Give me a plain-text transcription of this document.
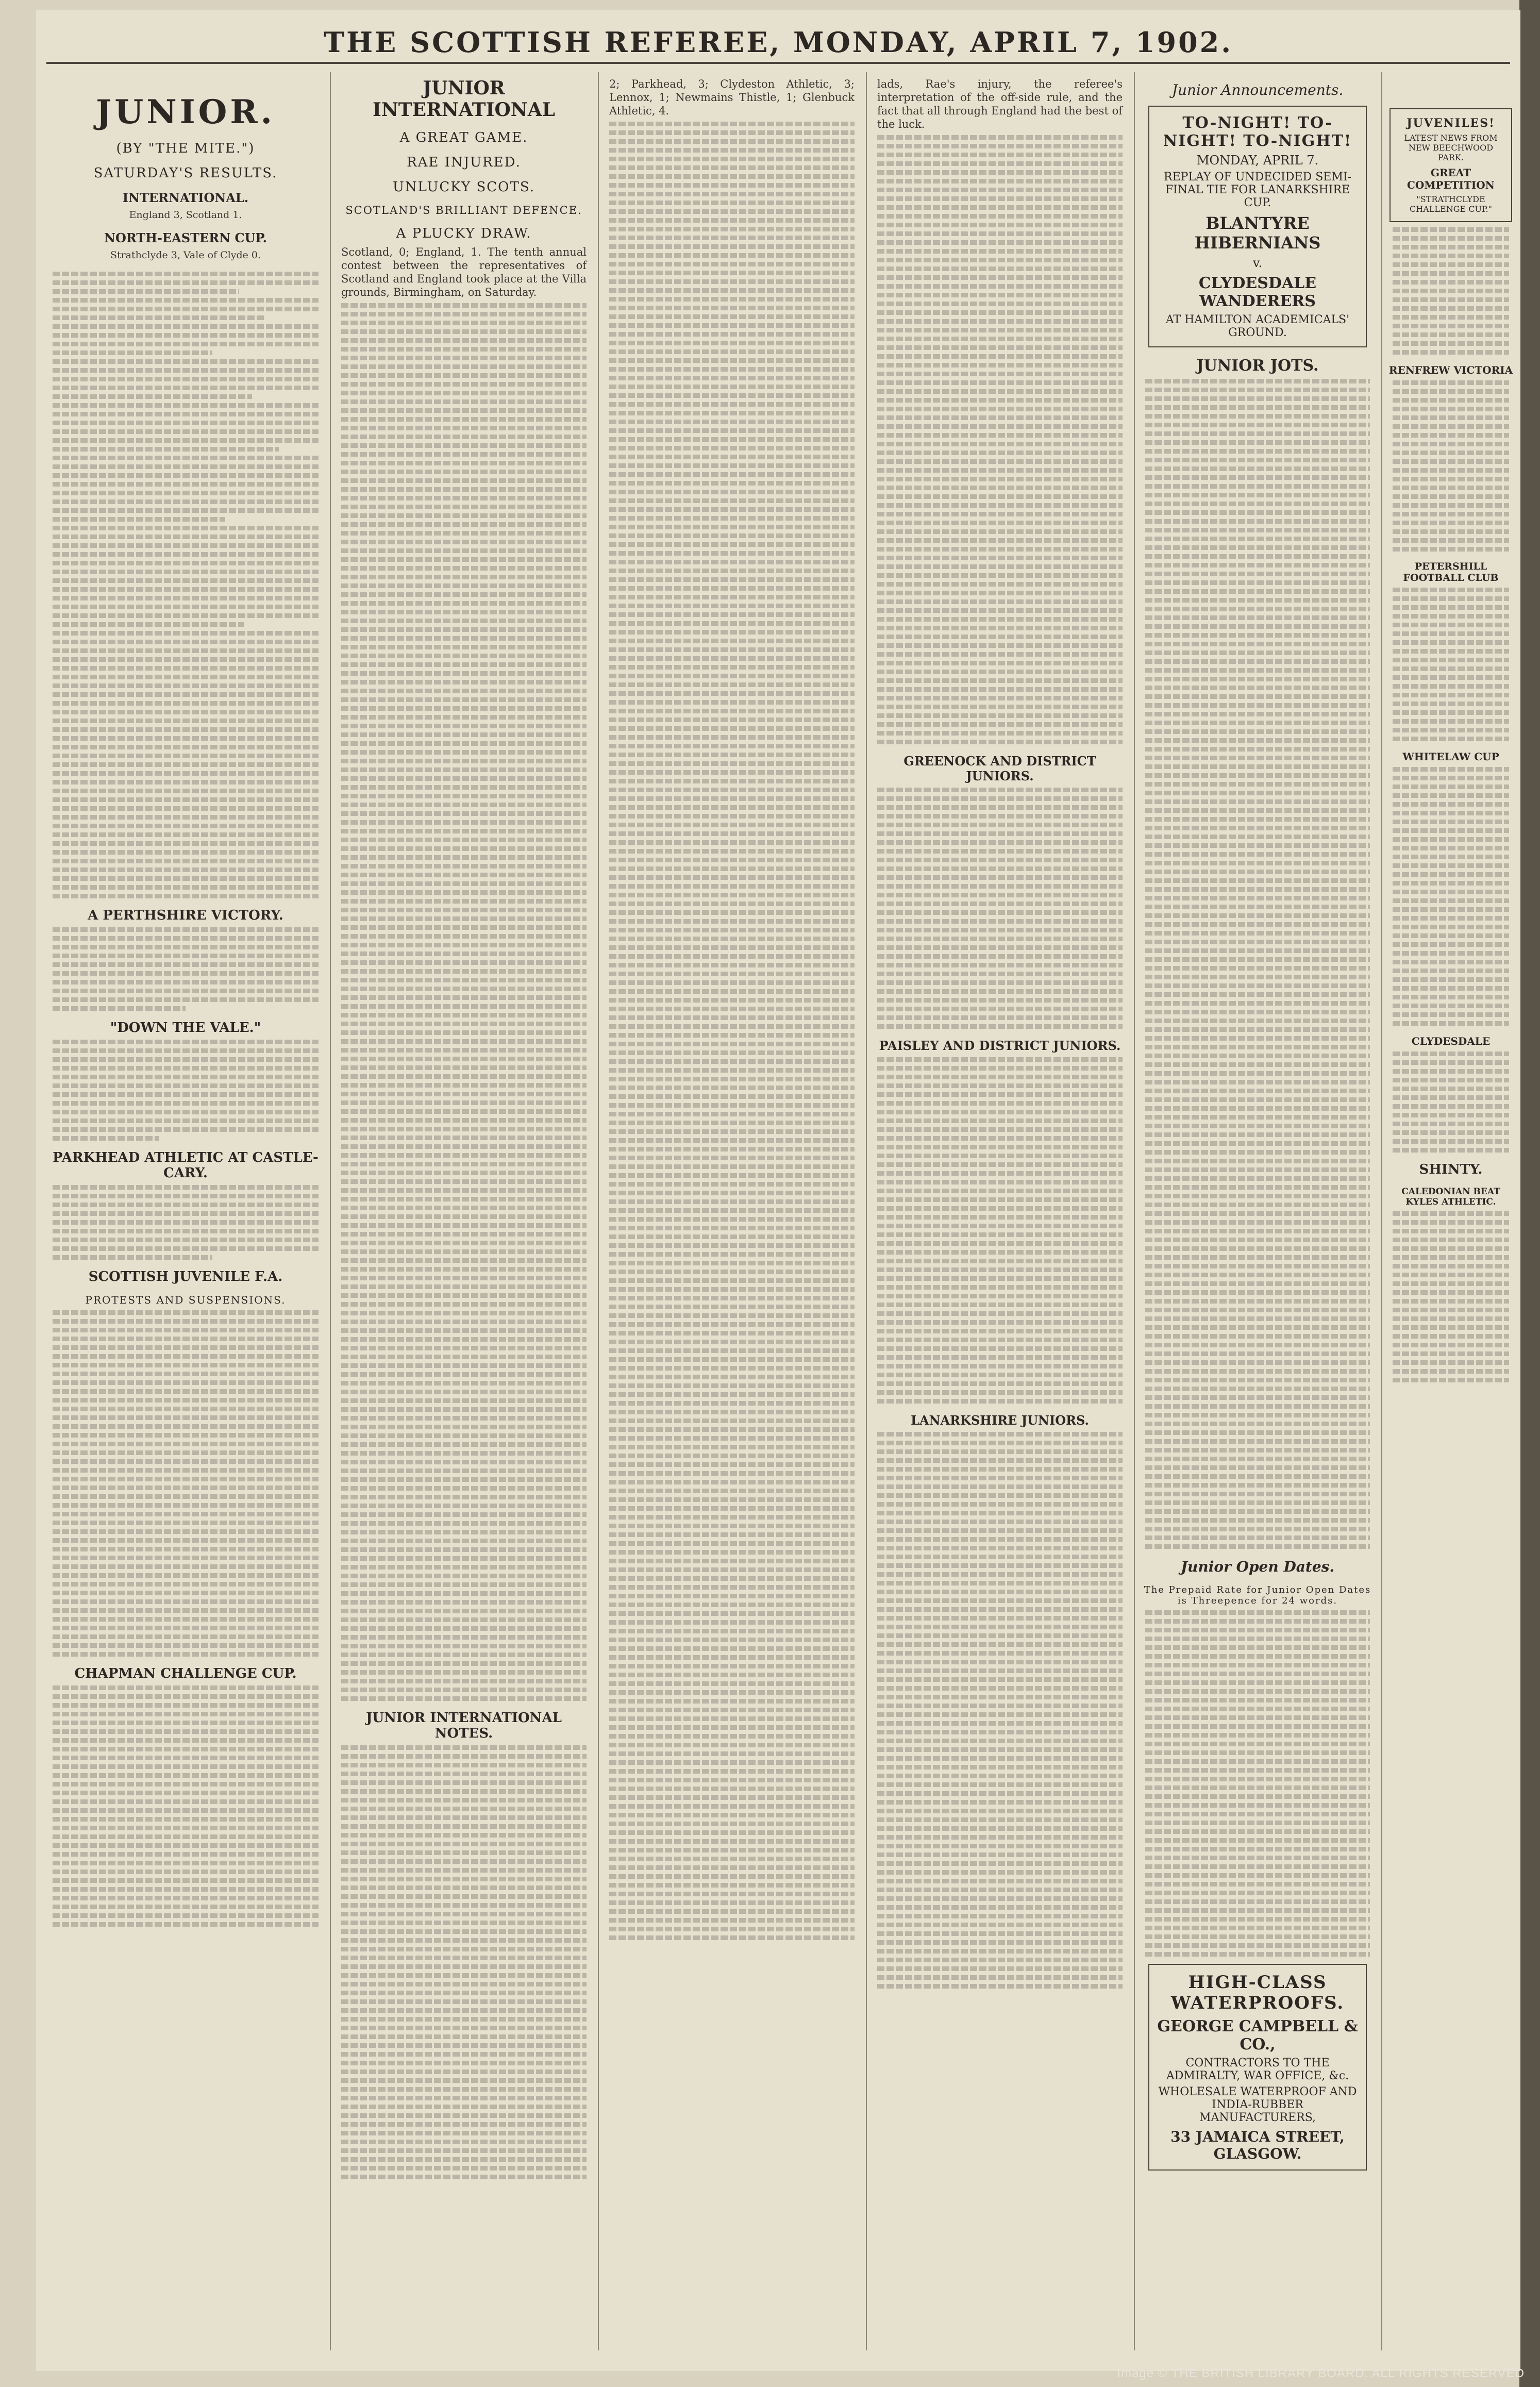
THE SCOTTISH REFEREE, MONDAY, APRIL 7, 1902.
JUNIOR.
(BY "THE MITE.")
SATURDAY'S RESULTS.
INTERNATIONAL.
England 3, Scotland 1.
NORTH-EASTERN CUP.
Strathclyde 3, Vale of Clyde 0.
A PERTHSHIRE VICTORY.
"DOWN THE VALE."
PARKHEAD ATHLETIC AT CASTLE-CARY.
SCOTTISH JUVENILE F.A.
PROTESTS AND SUSPENSIONS.
CHAPMAN CHALLENGE CUP.
JUNIOR INTERNATIONAL
A GREAT GAME.
RAE INJURED.
UNLUCKY SCOTS.
SCOTLAND'S BRILLIANT DEFENCE.
A PLUCKY DRAW.
Scotland, 0; England, 1. The tenth annual contest between the representatives of Scotland and England took place at the Villa grounds, Birmingham, on Saturday.
JUNIOR INTERNATIONAL NOTES.
2; Parkhead, 3; Clydeston Athletic, 3; Lennox, 1; Newmains Thistle, 1; Glenbuck Athletic, 4.
lads, Rae's injury, the referee's interpretation of the off-side rule, and the fact that all through England had the best of the luck.
GREENOCK AND DISTRICT JUNIORS.
PAISLEY AND DISTRICT JUNIORS.
LANARKSHIRE JUNIORS.
Junior Announcements.
TO-NIGHT! TO-NIGHT! TO-NIGHT!
MONDAY, APRIL 7.
REPLAY OF UNDECIDED SEMI-FINAL TIE FOR LANARKSHIRE CUP.
BLANTYRE HIBERNIANS
v.
CLYDESDALE WANDERERS
AT HAMILTON ACADEMICALS' GROUND.
JUNIOR JOTS.
Junior Open Dates.
The Prepaid Rate for Junior Open Dates is Threepence for 24 words.
HIGH-CLASS WATERPROOFS.
GEORGE CAMPBELL & CO.,
CONTRACTORS TO THE ADMIRALTY, WAR OFFICE, &c.
WHOLESALE WATERPROOF AND INDIA-RUBBER MANUFACTURERS,
33 JAMAICA STREET, GLASGOW.
JUVENILES!
LATEST NEWS FROM NEW BEECHWOOD PARK.
GREAT COMPETITION
"STRATHCLYDE CHALLENGE CUP."
RENFREW VICTORIA
PETERSHILL FOOTBALL CLUB
WHITELAW CUP
CLYDESDALE
SHINTY.
CALEDONIAN BEAT KYLES ATHLETIC.
Image © THE BRITISH LIBRARY BOARD. ALL RIGHTS RESERVED
